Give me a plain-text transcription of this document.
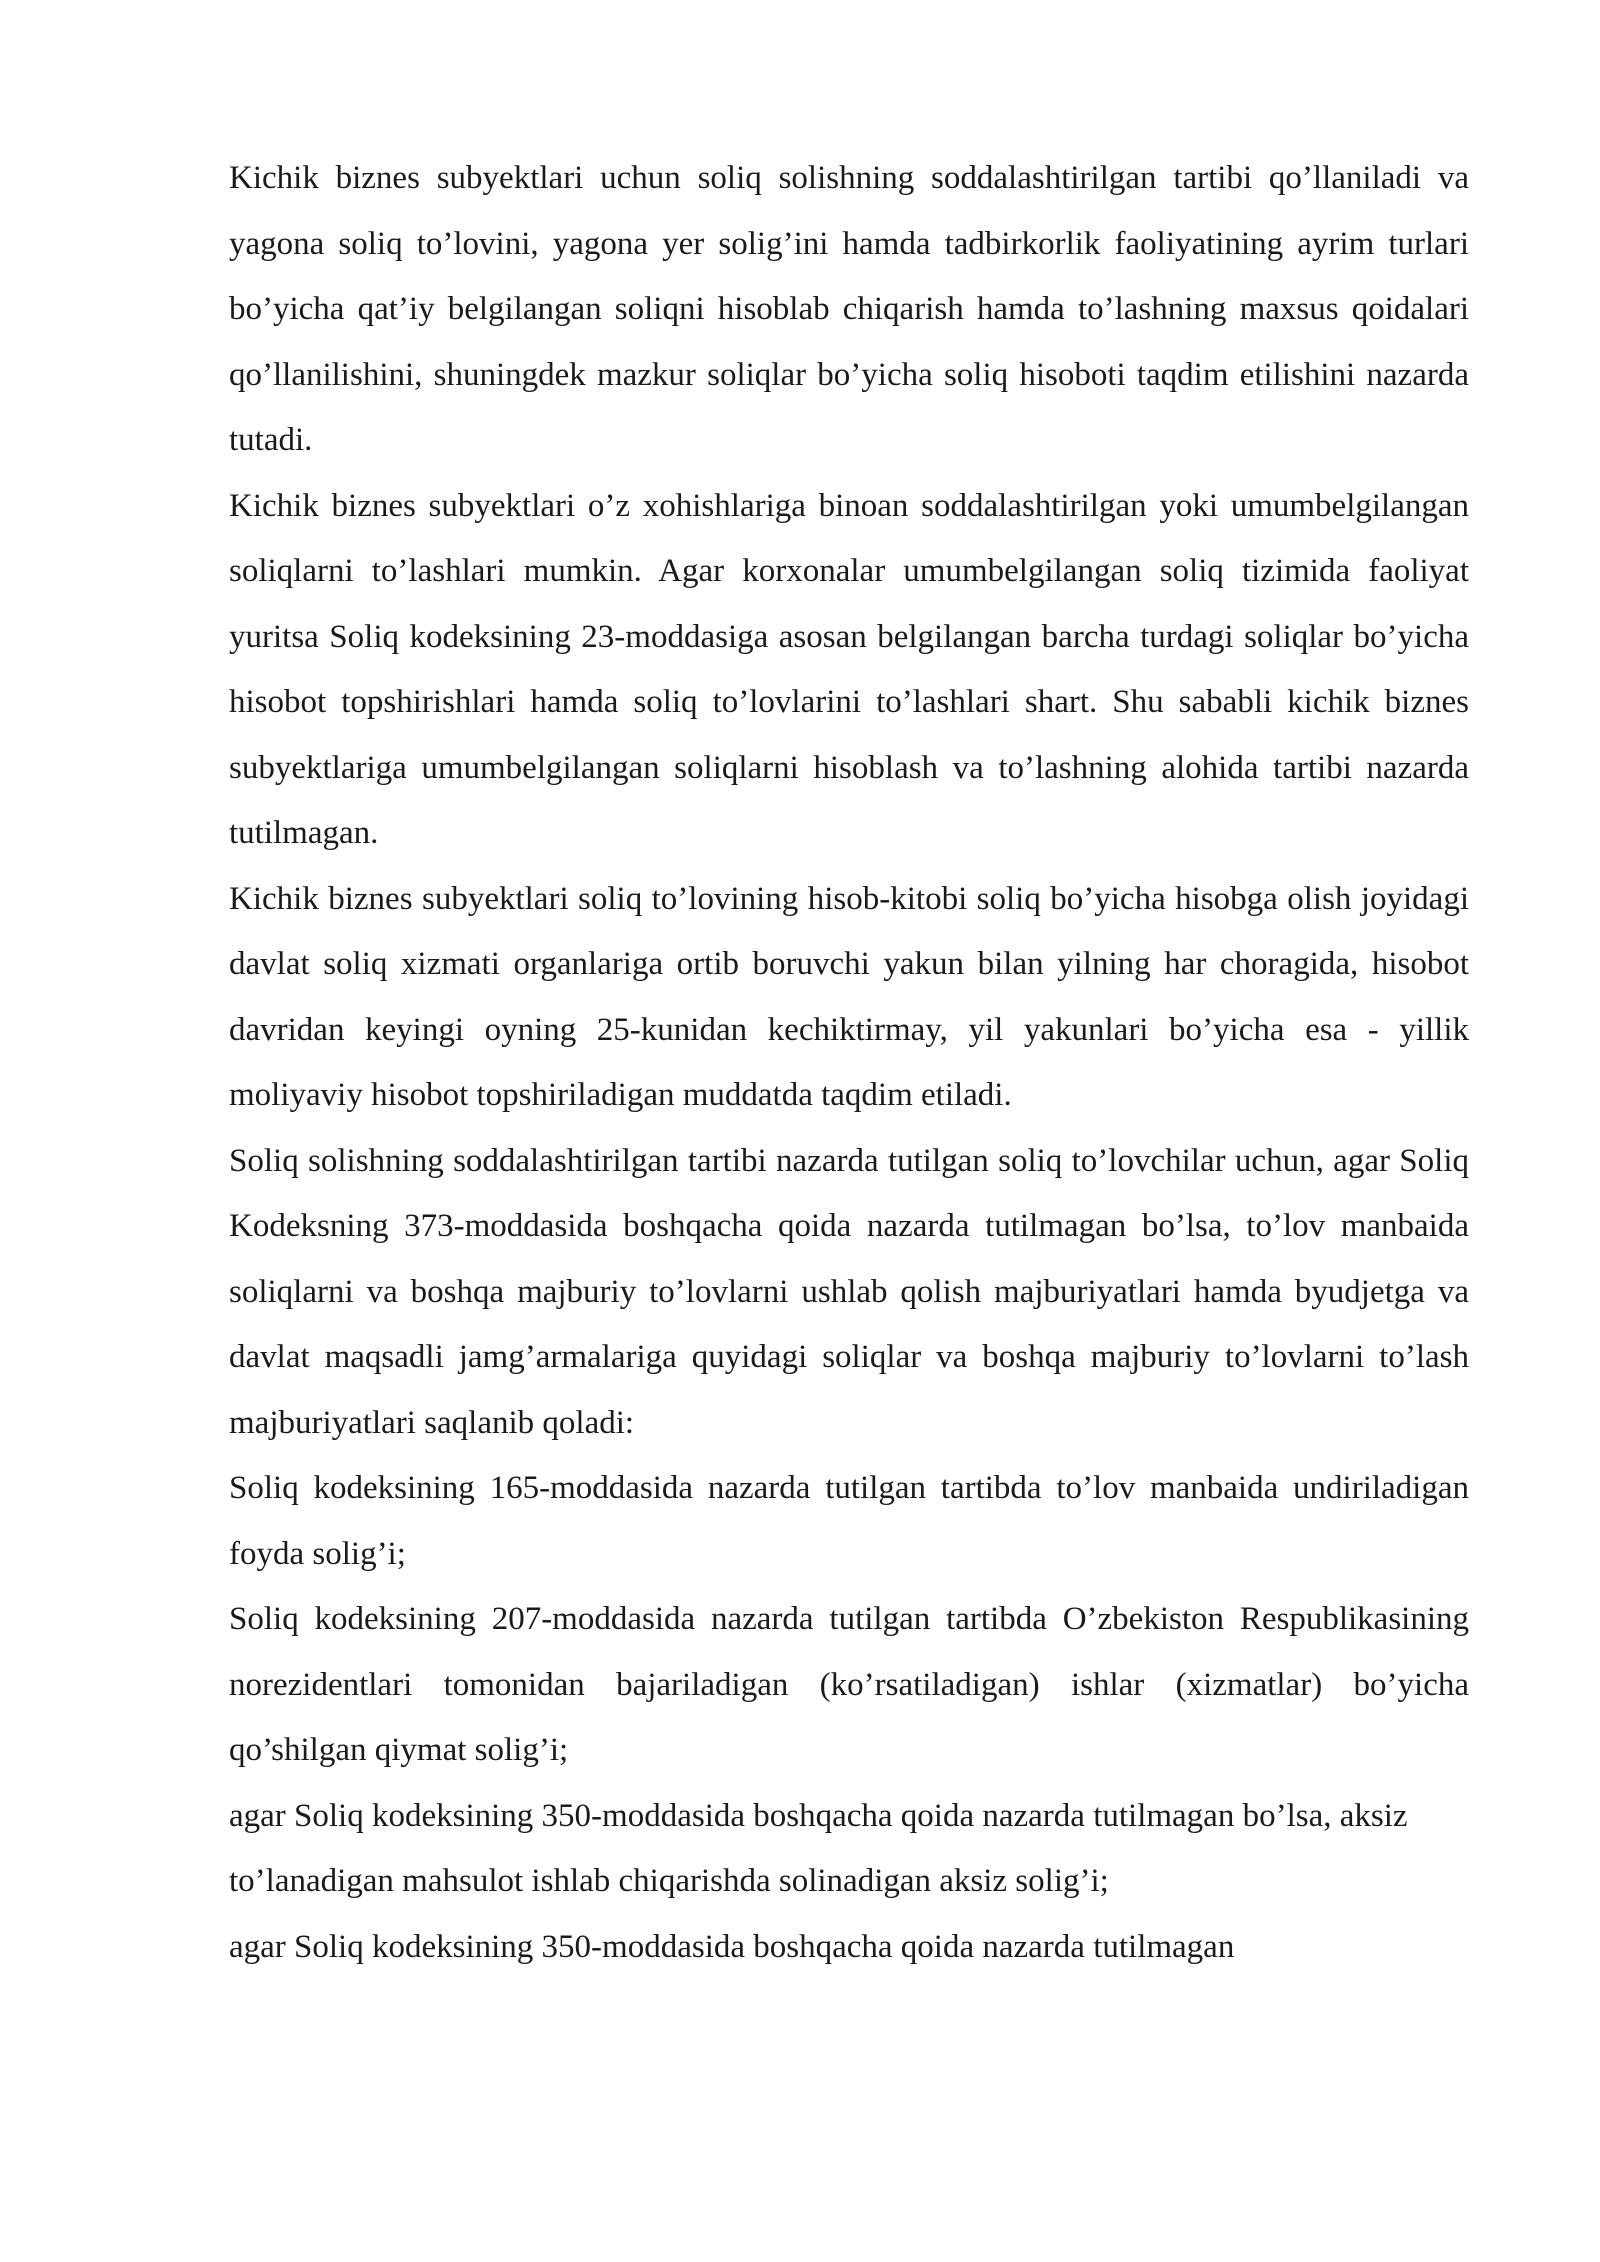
Kichik biznes subyektlari uchun soliq solishning soddalashtirilgan tartibi qo’llaniladi va yagona soliq to’lovini, yagona yer solig’ini hamda tadbirkorlik faoliyatining ayrim turlari bo’yicha qat’iy belgilangan soliqni hisoblab chiqarish hamda to’lashning maxsus qoidalari qo’llanilishini, shuningdek mazkur soliqlar bo’yicha soliq hisoboti taqdim etilishini nazarda tutadi.

Kichik biznes subyektlari o’z xohishlariga binoan soddalashtirilgan yoki umumbelgilangan soliqlarni to’lashlari mumkin. Agar korxonalar umumbelgilangan soliq tizimida faoliyat yuritsa Soliq kodeksining 23-moddasiga asosan belgilangan barcha turdagi soliqlar bo’yicha hisobot topshirishlari hamda soliq to’lovlarini to’lashlari shart. Shu sababli kichik biznes subyektlariga umumbelgilangan soliqlarni hisoblash va to’lashning alohida tartibi nazarda tutilmagan.

Kichik biznes subyektlari soliq to’lovining hisob-kitobi soliq bo’yicha hisobga olish joyidagi davlat soliq xizmati organlariga ortib boruvchi yakun bilan yilning har choragida, hisobot davridan keyingi oyning 25-kunidan kechiktirmay, yil yakunlari bo’yicha esa - yillik moliyaviy hisobot topshiriladigan muddatda taqdim etiladi.

Soliq solishning soddalashtirilgan tartibi nazarda tutilgan soliq to’lovchilar uchun, agar Soliq Kodeksning 373-moddasida boshqacha qoida nazarda tutilmagan bo’lsa, to’lov manbaida soliqlarni va boshqa majburiy to’lovlarni ushlab qolish majburiyatlari hamda byudjetga va davlat maqsadli jamg’armalariga quyidagi soliqlar va boshqa majburiy to’lovlarni to’lash majburiyatlari saqlanib qoladi:

Soliq kodeksining 165-moddasida nazarda tutilgan tartibda to’lov manbaida undiriladigan foyda solig’i;

Soliq kodeksining 207-moddasida nazarda tutilgan tartibda O’zbekiston Respublikasining norezidentlari tomonidan bajariladigan (ko’rsatiladigan) ishlar (xizmatlar) bo’yicha qo’shilgan qiymat solig’i;

agar Soliq kodeksining 350-moddasida boshqacha qoida nazarda tutilmagan bo’lsa, aksiz to’lanadigan mahsulot ishlab chiqarishda solinadigan aksiz solig’i;

agar Soliq kodeksining 350-moddasida boshqacha qoida nazarda tutilmagan
